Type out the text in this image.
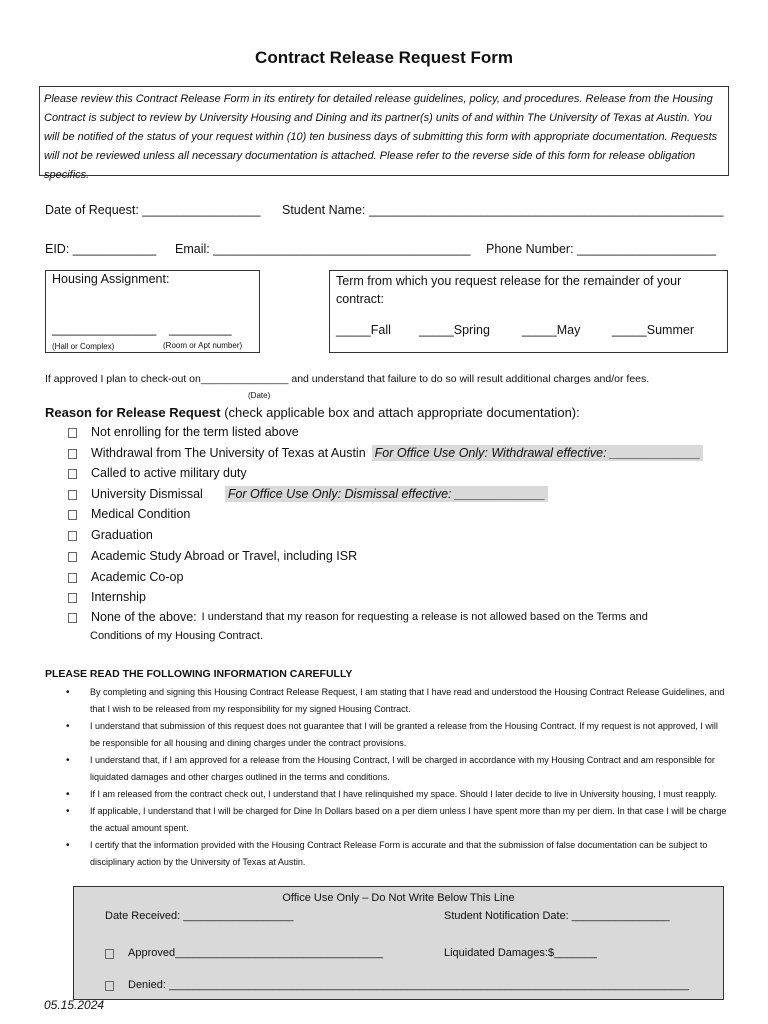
Contract Release Request Form
Please review this Contract Release Form in its entirety for detailed release guidelines, policy, and procedures. Release from the Housing Contract is subject to review by University Housing and Dining and its partner(s) units of and within The University of Texas at Austin. You will be notified of the status of your request within (10) ten business days of submitting this form with appropriate documentation. Requests will not be reviewed unless all necessary documentation is attached. Please refer to the reverse side of this form for release obligation specifics.
Date of Request: _________________ Student Name: ___________________________________________________
EID: ____________ Email: _____________________________________ Phone Number: ____________________
Housing Assignment:
_______________ _________
(Hall or Complex)	(Room or Apt number)
Term from which you request release for the remainder of your contract:
_____Fall _____Spring	_____May	_____Summer
If approved I plan to check-out on_______________ and understand that failure to do so will result additional charges and/or fees.
(Date)
Reason for Release Request (check applicable box and attach appropriate documentation):
Not enrolling for the term listed above
Withdrawal from The University of Texas at Austin For Office Use Only: Withdrawal effective: _____________
Called to active military duty
University Dismissal For Office Use Only: Dismissal effective: _____________
Medical Condition
Graduation
Academic Study Abroad or Travel, including ISR
Academic Co-op
Internship
None of the above: I understand that my reason for requesting a release is not allowed based on the Terms and
Conditions of my Housing Contract.
PLEASE READ THE FOLLOWING INFORMATION CAREFULLY
• By completing and signing this Housing Contract Release Request, I am stating that I have read and understood the Housing Contract Release Guidelines, and that I wish to be released from my responsibility for my signed Housing Contract.
• I understand that submission of this request does not guarantee that I will be granted a release from the Housing Contract. If my request is not approved, I will be responsible for all housing and dining charges under the contract provisions.
• I understand that, if I am approved for a release from the Housing Contract, I will be charged in accordance with my Housing Contract and am responsible for liquidated damages and other charges outlined in the terms and conditions.
• If I am released from the contract check out, I understand that I have relinquished my space. Should I later decide to live in University housing, I must reapply.
• If applicable, I understand that I will be charged for Dine In Dollars based on a per diem unless I have spent more than my per diem. In that case I will be charge the actual amount spent.
• I certify that the information provided with the Housing Contract Release Form is accurate and that the submission of false documentation can be subject to disciplinary action by the University of Texas at Austin.
Office Use Only – Do Not Write Below This Line
Date Received: __________________	Student Notification Date: ________________
Approved__________________________________	Liquidated Damages:$_______
Denied: _____________________________________________________________________________________
05.15.2024
